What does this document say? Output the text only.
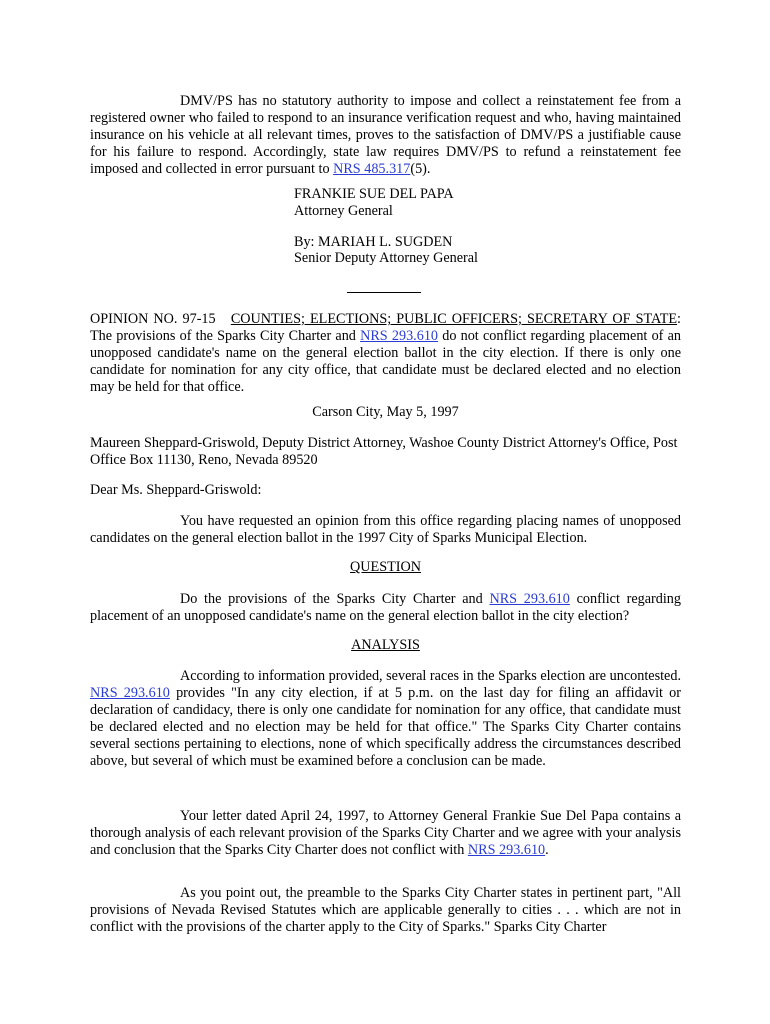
DMV/PS has no statutory authority to impose and collect a reinstatement fee from a registered owner who failed to respond to an insurance verification request and who, having maintained insurance on his vehicle at all relevant times, proves to the satisfaction of DMV/PS a justifiable cause for his failure to respond. Accordingly, state law requires DMV/PS to refund a reinstatement fee imposed and collected in error pursuant to NRS 485.317(5).

FRANKIE SUE DEL PAPA

Attorney General

By: MARIAH L. SUGDEN

Senior Deputy Attorney General

OPINION NO. 97-15 COUNTIES; ELECTIONS; PUBLIC OFFICERS; SECRETARY OF STATE: The provisions of the Sparks City Charter and NRS 293.610 do not conflict regarding placement of an unopposed candidate's name on the general election ballot in the city election. If there is only one candidate for nomination for any city office, that candidate must be declared elected and no election may be held for that office.

Carson City, May 5, 1997

Maureen Sheppard-Griswold, Deputy District Attorney, Washoe County District Attorney's Office, Post Office Box 11130, Reno, Nevada 89520

Dear Ms. Sheppard-Griswold:

You have requested an opinion from this office regarding placing names of unopposed candidates on the general election ballot in the 1997 City of Sparks Municipal Election.

QUESTION

Do the provisions of the Sparks City Charter and NRS 293.610 conflict regarding placement of an unopposed candidate's name on the general election ballot in the city election?

ANALYSIS

According to information provided, several races in the Sparks election are uncontested. NRS 293.610 provides "In any city election, if at 5 p.m. on the last day for filing an affidavit or declaration of candidacy, there is only one candidate for nomination for any office, that candidate must be declared elected and no election may be held for that office." The Sparks City Charter contains several sections pertaining to elections, none of which specifically address the circumstances described above, but several of which must be examined before a conclusion can be made.

Your letter dated April 24, 1997, to Attorney General Frankie Sue Del Papa contains a thorough analysis of each relevant provision of the Sparks City Charter and we agree with your analysis and conclusion that the Sparks City Charter does not conflict with NRS 293.610.

As you point out, the preamble to the Sparks City Charter states in pertinent part, "All provisions of Nevada Revised Statutes which are applicable generally to cities . . . which are not in conflict with the provisions of the charter apply to the City of Sparks." Sparks City Charter
